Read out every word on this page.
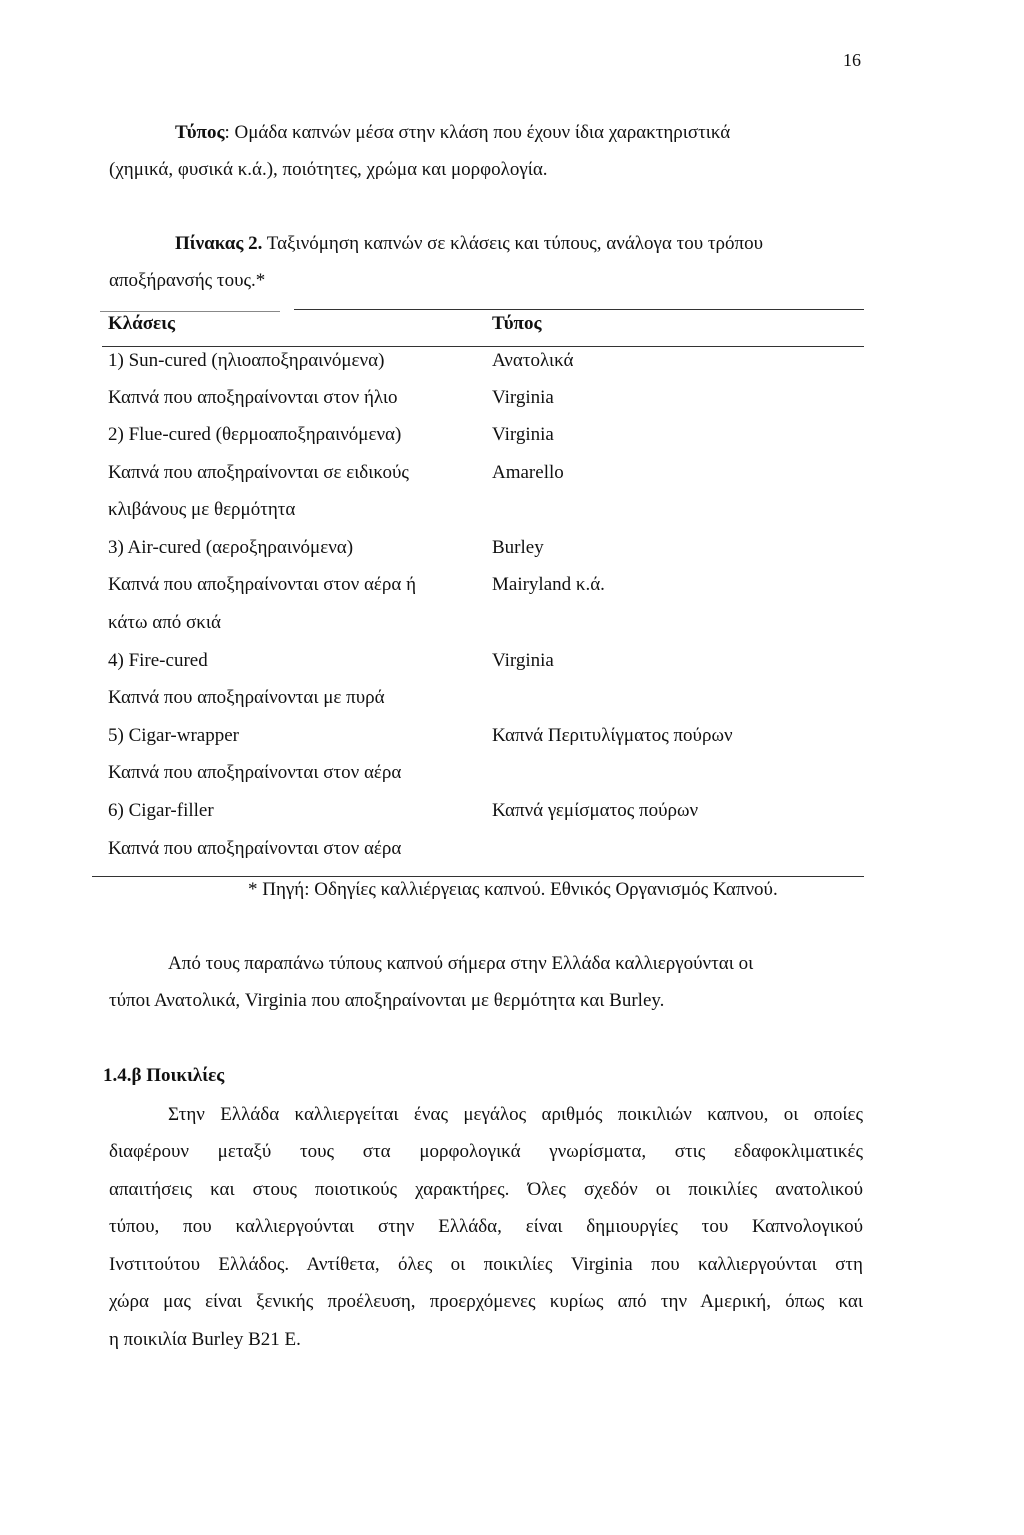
16
Τύπος: Ομάδα καπνών μέσα στην κλάση που έχουν ίδια χαρακτηριστικά
(χημικά, φυσικά κ.ά.), ποιότητες, χρώμα και μορφολογία.
Πίνακας 2. Ταξινόμηση καπνών σε κλάσεις και τύπους, ανάλογα του τρόπου
αποξήρανσής τους.*
Κλάσεις	Τύπος
1) Sun-cured (ηλιοαποξηραινόμενα)	Ανατολικά
Καπνά που αποξηραίνονται στον ήλιο	Virginia
2) Flue-cured (θερμοαποξηραινόμενα)	Virginia
Καπνά που αποξηραίνονται σε ειδικούς	Amarello
κλιβάνους με θερμότητα
3) Air-cured (αεροξηραινόμενα)	Burley
Καπνά που αποξηραίνονται στον αέρα ή	Mairyland κ.ά.
κάτω από σκιά
4) Fire-cured	Virginia
Καπνά που αποξηραίνονται με πυρά
5) Cigar-wrapper	Καπνά Περιτυλίγματος πούρων
Καπνά που αποξηραίνονται στον αέρα
6) Cigar-filler	Καπνά γεμίσματος πούρων
Καπνά που αποξηραίνονται στον αέρα
* Πηγή: Οδηγίες καλλιέργειας καπνού. Εθνικός Οργανισμός Καπνού.
Από τους παραπάνω τύπους καπνού σήμερα στην Ελλάδα καλλιεργούνται οι
τύποι Ανατολικά, Virginia που αποξηραίνονται με θερμότητα και Burley.
1.4.β Ποικιλίες
Στην Ελλάδα καλλιεργείται ένας μεγάλος αριθμός ποικιλιών καπνου, οι οποίες
διαφέρουν μεταξύ τους στα μορφολογικά γνωρίσματα, στις εδαφοκλιματικές
απαιτήσεις και στους ποιοτικούς χαρακτήρες. Όλες σχεδόν οι ποικιλίες ανατολικού
τύπου, που καλλιεργούνται στην Ελλάδα, είναι δημιουργίες του Καπνολογικού
Ινστιτούτου Ελλάδος. Αντίθετα, όλες οι ποικιλίες Virginia που καλλιεργούνται στη
χώρα μας είναι ξενικής προέλευση, προερχόμενες κυρίως από την Αμερική, όπως και
η ποικιλία Burley B21 E.
